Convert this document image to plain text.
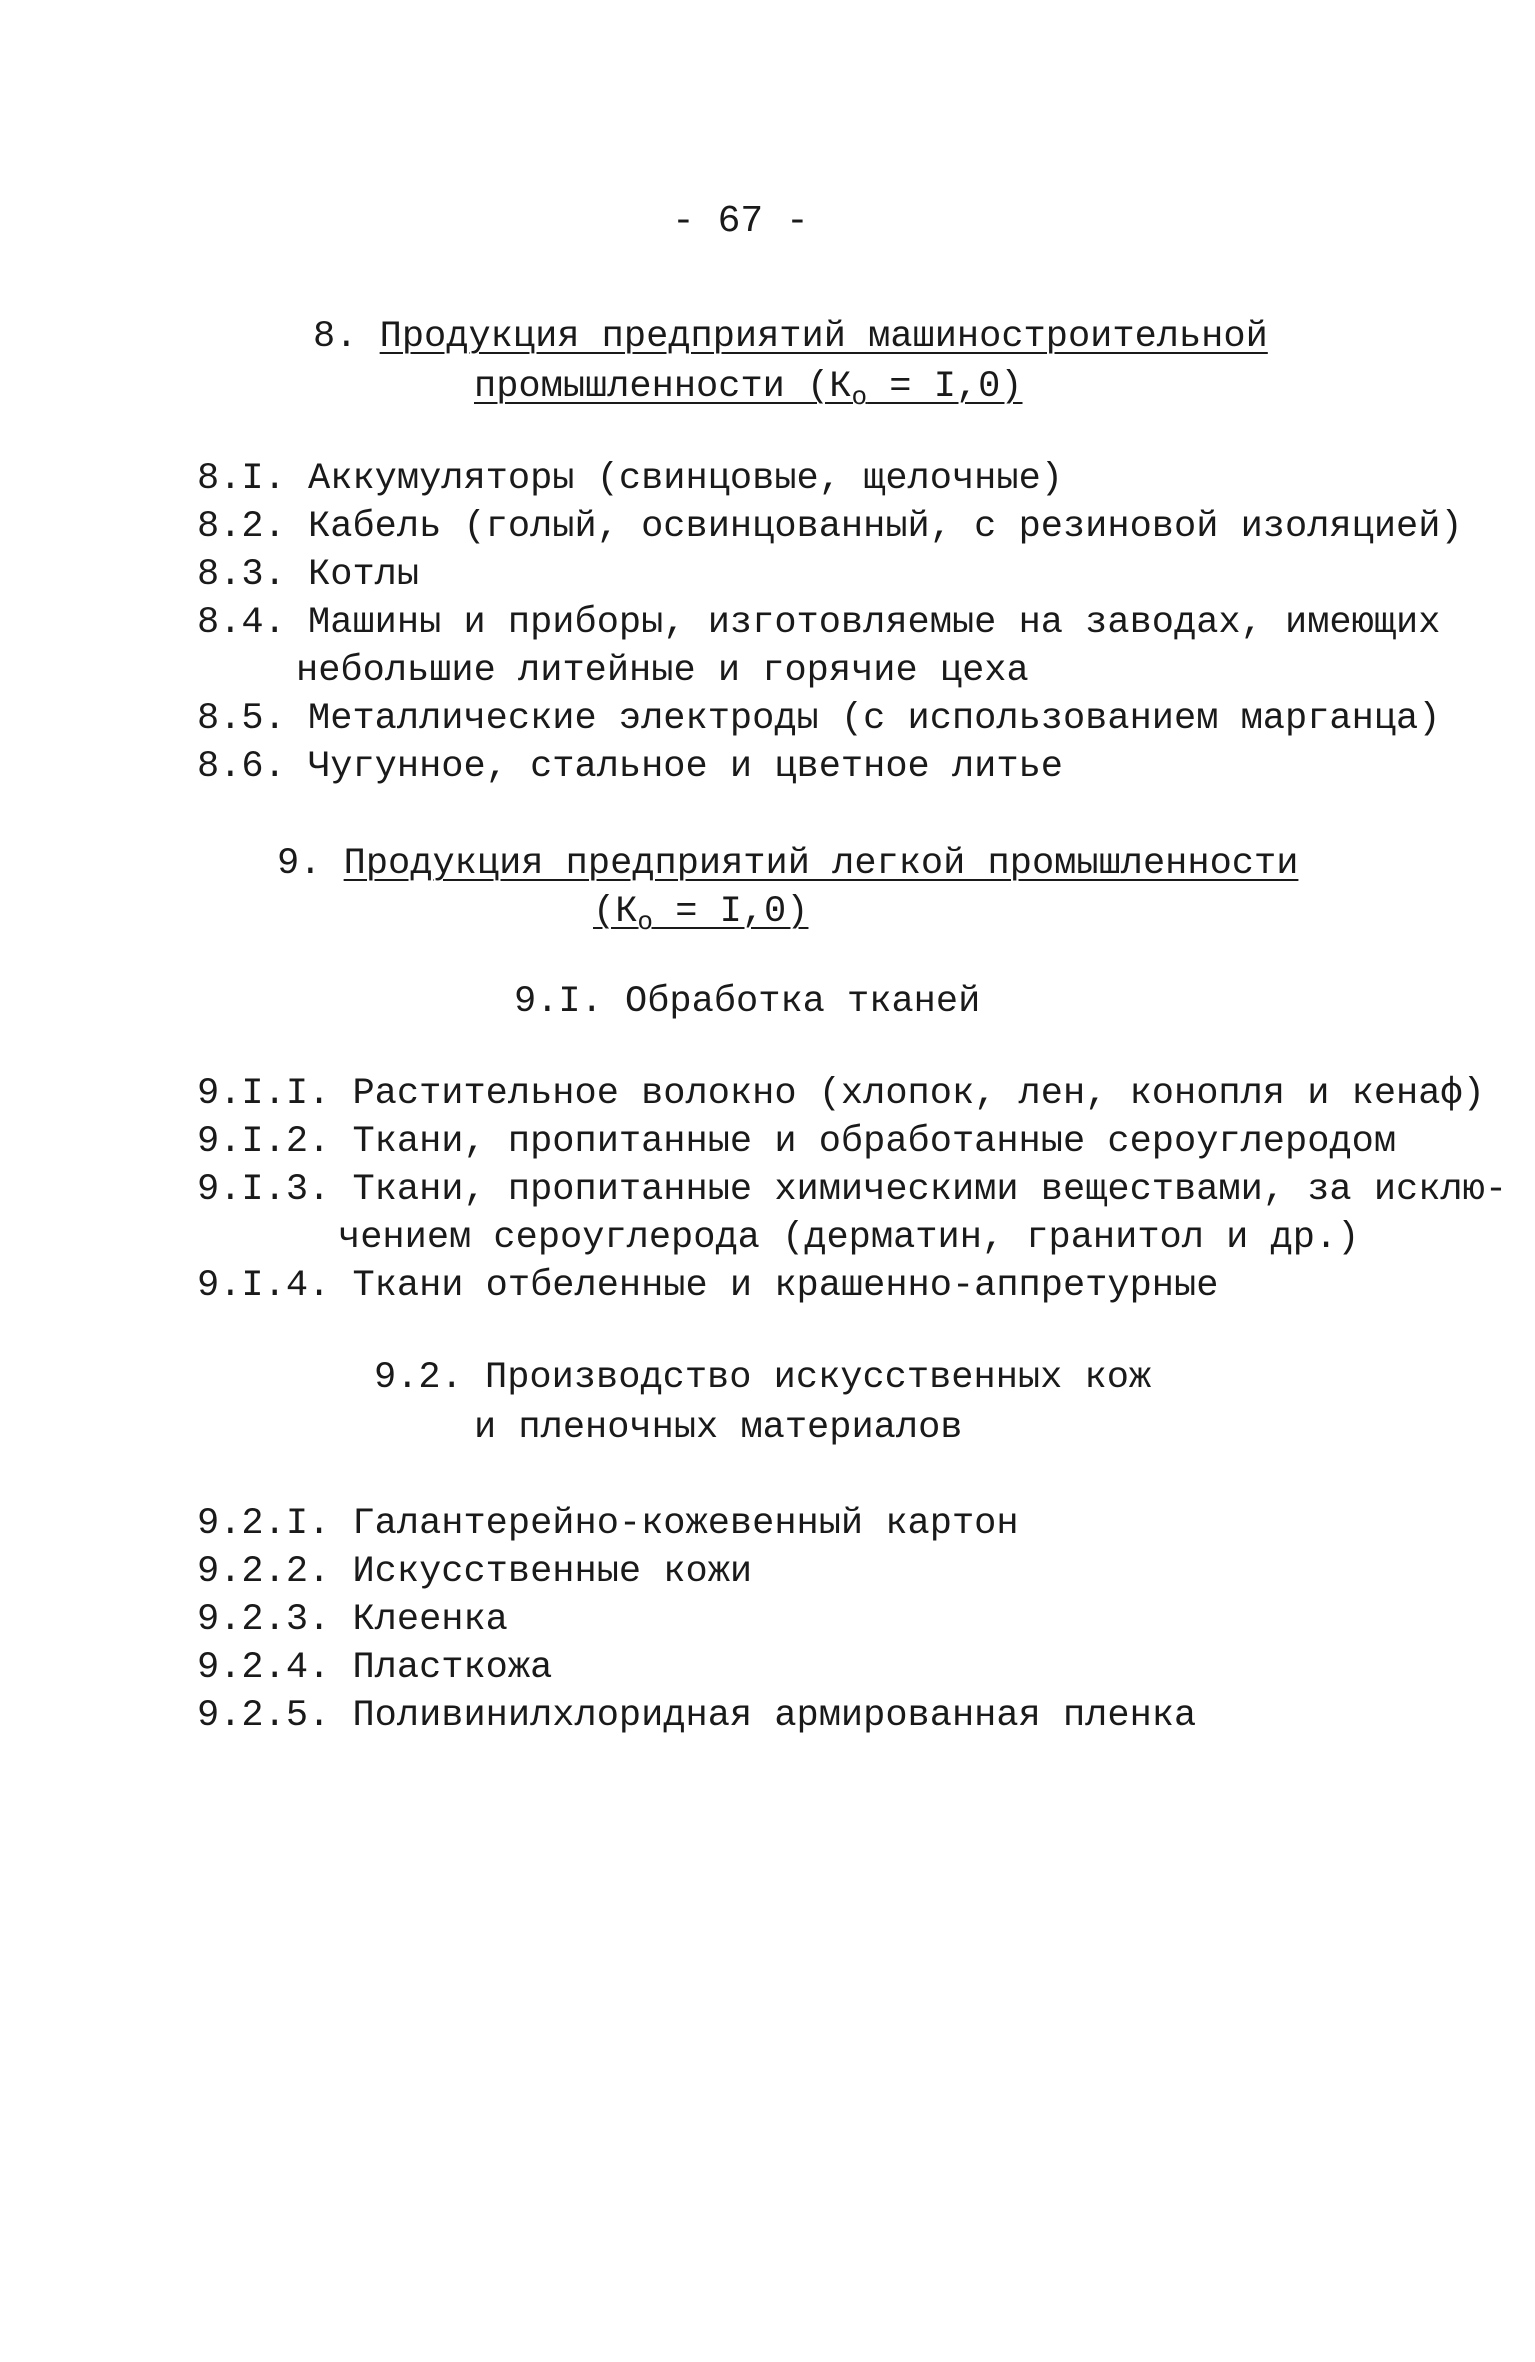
- 67 -
8. Продукция предприятий машиностроительной
промышленности $(К_о = I,0)$
8.I. Аккумуляторы (свинцовые, щелочные)
8.2. Кабель (голый, освинцованный, с резиновой изоляцией)
8.3. Котлы
8.4. Машины и приборы, изготовляемые на заводах, имеющих
небольшие литейные и горячие цеха
8.5. Металлические электроды (с использованием марганца)
8.6. Чугунное, стальное и цветное литье
9. Продукция предприятий легкой промышленности
$(К_о = I,0)$
9.I. Обработка тканей
9.I.I. Растительное волокно (хлопок, лен, конопля и кенаф)
9.I.2. Ткани, пропитанные и обработанные сероуглеродом
9.I.3. Ткани, пропитанные химическими веществами, за исклю-
чением сероуглерода (дерматин, гранитол и др.)
9.I.4. Ткани отбеленные и крашенно-аппретурные
9.2. Производство искусственных кож
и пленочных материалов
9.2.I. Галантерейно-кожевенный картон
9.2.2. Искусственные кожи
9.2.3. Клеенка
9.2.4. Пласткожа
9.2.5. Поливинилхлоридная армированная пленка
